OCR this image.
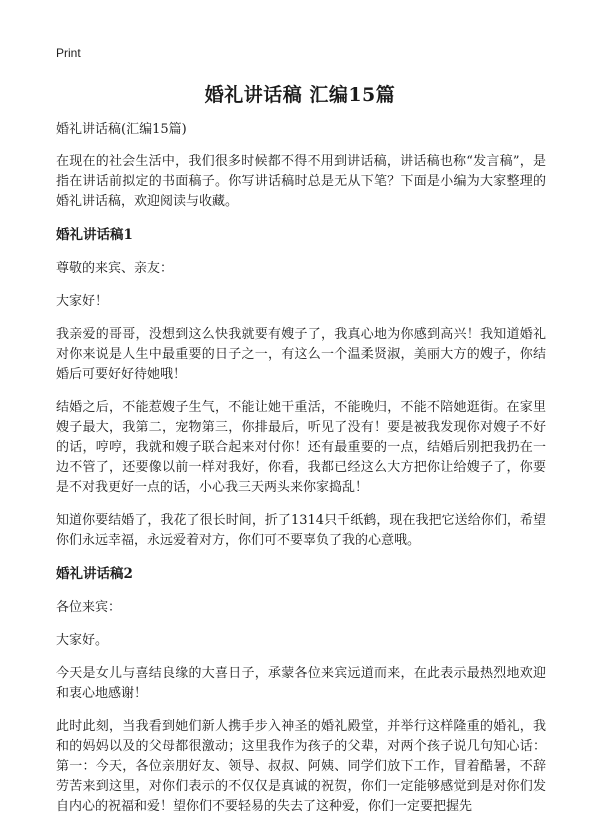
Print
婚礼讲话稿 汇编15篇

婚礼讲话稿(汇编15篇)

在现在的社会生活中，我们很多时候都不得不用到讲话稿，讲话稿也称“发言稿”，是指在讲话前拟定的书面稿子。你写讲话稿时总是无从下笔？下面是小编为大家整理的婚礼讲话稿，欢迎阅读与收藏。

婚礼讲话稿1

尊敬的来宾、亲友：

大家好！

我亲爱的哥哥，没想到这么快我就要有嫂子了，我真心地为你感到高兴！我知道婚礼对你来说是人生中最重要的日子之一，有这么一个温柔贤淑，美丽大方的嫂子，你结婚后可要好好待她哦！

结婚之后，不能惹嫂子生气，不能让她干重活，不能晚归，不能不陪她逛街。在家里嫂子最大，我第二，宠物第三，你排最后，听见了没有！要是被我发现你对嫂子不好的话，哼哼，我就和嫂子联合起来对付你！还有最重要的一点，结婚后别把我扔在一边不管了，还要像以前一样对我好，你看，我都已经这么大方把你让给嫂子了，你要是不对我更好一点的话，小心我三天两头来你家捣乱！

知道你要结婚了，我花了很长时间，折了1314只千纸鹤，现在我把它送给你们，希望你们永远幸福，永远爱着对方，你们可不要辜负了我的心意哦。

婚礼讲话稿2

各位来宾：

大家好。

今天是女儿与喜结良缘的大喜日子，承蒙各位来宾远道而来，在此表示最热烈地欢迎和衷心地感谢！

此时此刻，当我看到她们新人携手步入神圣的婚礼殿堂，并举行这样隆重的婚礼，我和的妈妈以及的父母都很激动；这里我作为孩子的父辈，对两个孩子说几句知心话：第一：今天，各位亲朋好友、领导、叔叔、阿姨、同学们放下工作，冒着酷暑，不辞劳苦来到这里，对你们表示的不仅仅是真诚的祝贺，你们一定能够感觉到是对你们发自内心的祝福和爱！望你们不要轻易的失去了这种爱，你们一定要把握先
